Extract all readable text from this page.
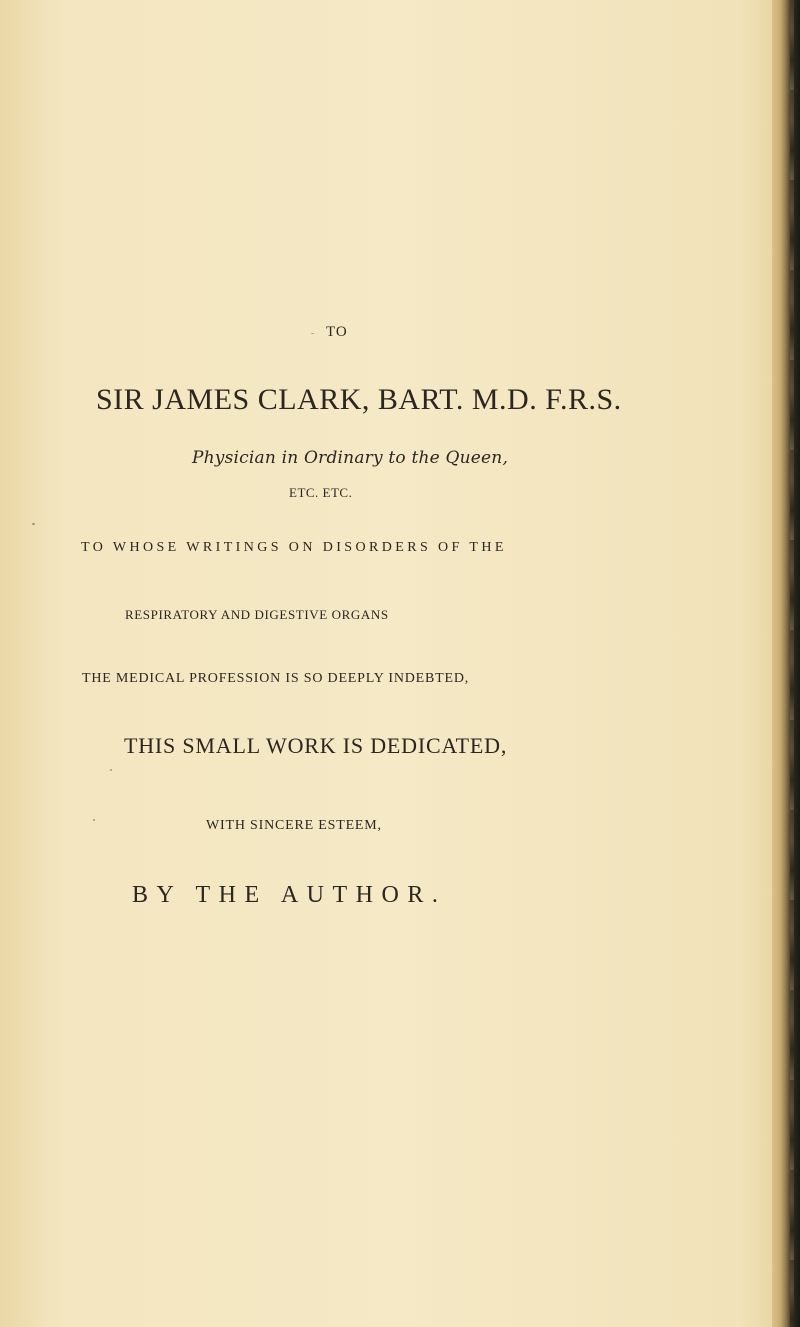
TO
SIR JAMES CLARK, BART. M.D. F.R.S.
Physician in Ordinary to the Queen,
ETC. ETC.
TO WHOSE WRITINGS ON DISORDERS OF THE
RESPIRATORY AND DIGESTIVE ORGANS
THE MEDICAL PROFESSION IS SO DEEPLY INDEBTED,
THIS SMALL WORK IS DEDICATED,
WITH SINCERE ESTEEM,
BY THE AUTHOR.
